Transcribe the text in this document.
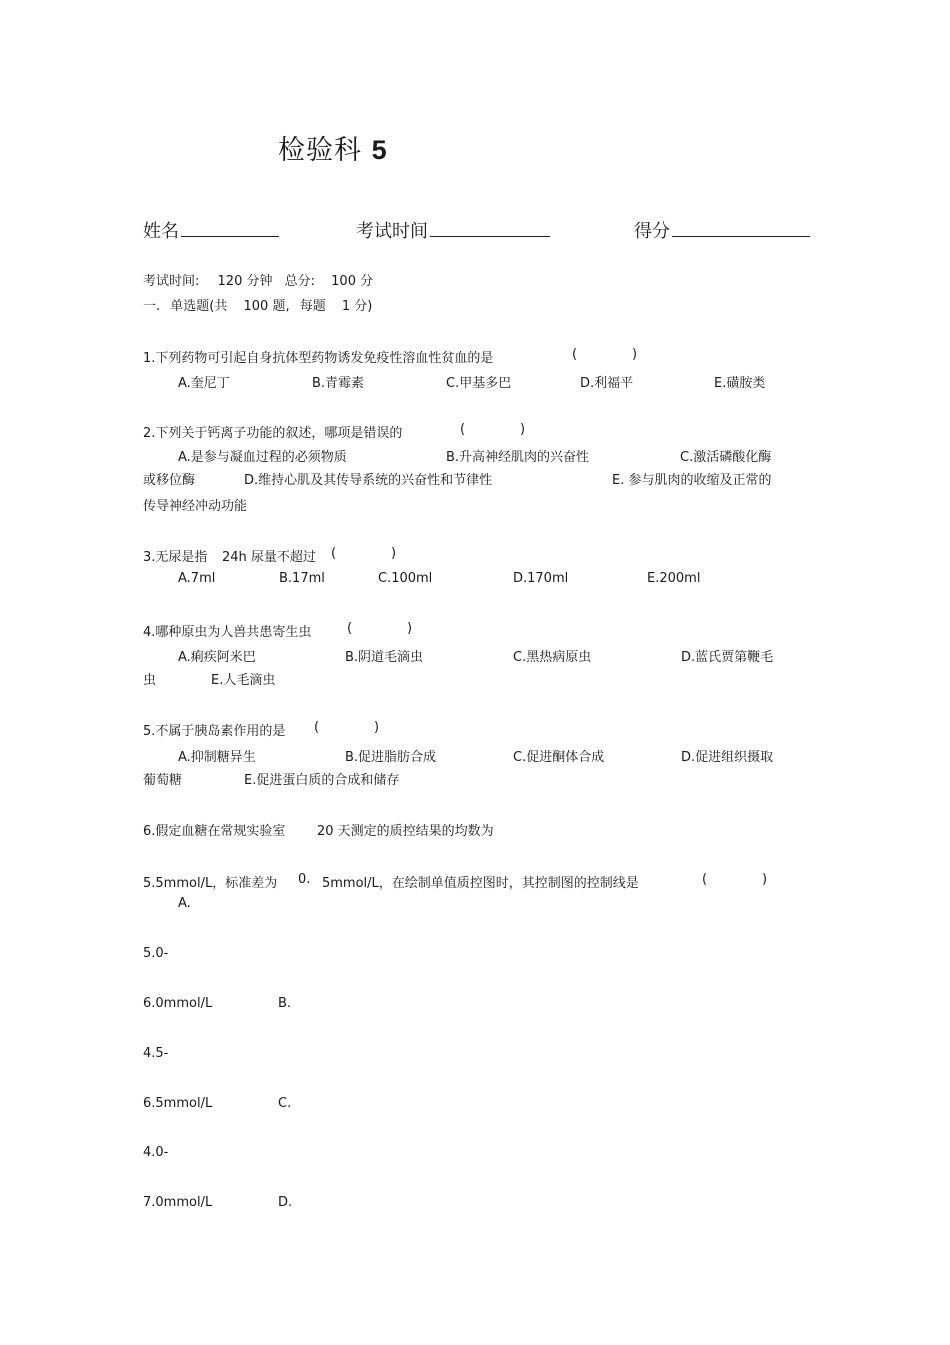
检验科 5
姓名	考试时间	得分
考试时间: 120 分钟 总分: 100 分
一. 单选题(共 100 题, 每题 1 分)
1.下列药物可引起自身抗体型药物诱发免疫性溶血性贫血的是	(	)
A.奎尼丁	B.青霉素	C.甲基多巴	D.利福平	E.磺胺类
2.下列关于钙离子功能的叙述，哪项是错误的	(	)
A.是参与凝血过程的必须物质	B.升高神经肌肉的兴奋性	C.激活磷酸化酶
或移位酶	D.维持心肌及其传导系统的兴奋性和节律性	E. 参与肌肉的收缩及正常的
传导神经冲动功能
3.无尿是指 24h 尿量不超过 (	)
A.7ml	B.17ml	C.100ml	D.170ml	E.200ml
4.哪种原虫为人兽共患寄生虫	(	)
A.痢疾阿米巴	B.阴道毛滴虫	C.黑热病原虫	D.蓝氏贾第鞭毛
虫	E.人毛滴虫
5.不属于胰岛素作用的是 (	)
A.抑制糖异生	B.促进脂肪合成	C.促进酮体合成	D.促进组织摄取
葡萄糖	E.促进蛋白质的合成和储存
6.假定血糖在常规实验室 20 天测定的质控结果的均数为
5.5mmol/L，标准差为 0. 5mmol/L，在绘制单值质控图时，其控制图的控制线是	(	)
A.
5.0-
6.0mmol/L	B.
4.5-
6.5mmol/L	C.
4.0-
7.0mmol/L	D.
